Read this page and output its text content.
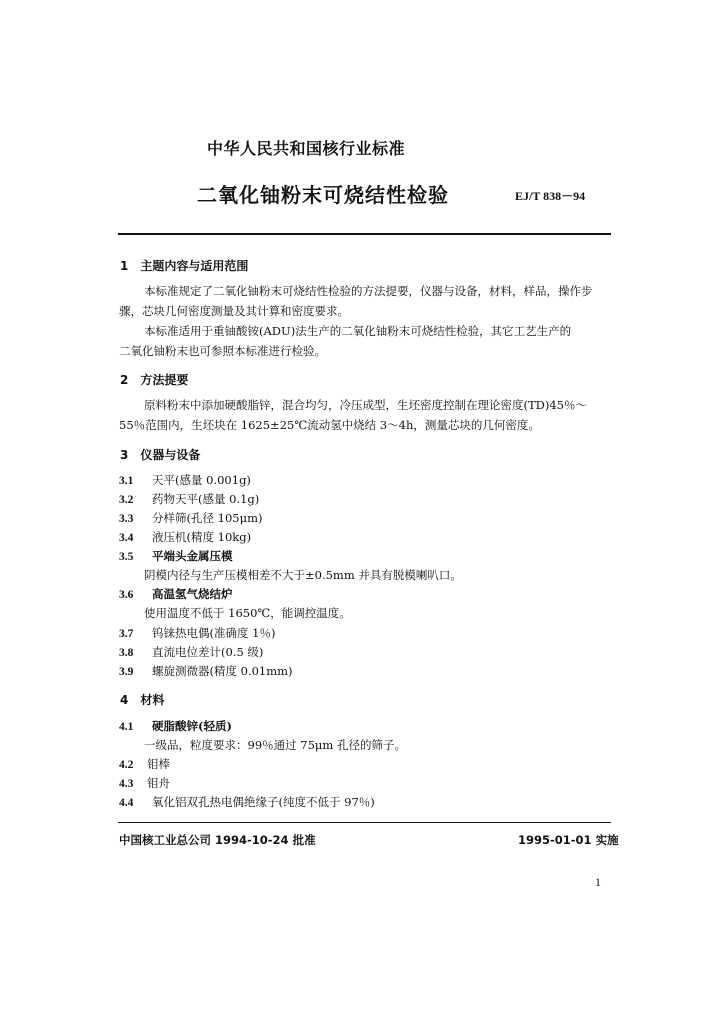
中华人民共和国核行业标准
二氧化铀粉末可烧结性检验	EJ/T 838－94
1　主题内容与适用范围
本标准规定了二氧化铀粉末可烧结性检验的方法提要，仪器与设备，材料，样品，操作步
骤，芯块几何密度测量及其计算和密度要求。
本标准适用于重铀酸铵(ADU)法生产的二氧化铀粉末可烧结性检验，其它工艺生产的
二氧化铀粉末也可参照本标准进行检验。
2　方法提要
原料粉末中添加硬酸脂锌，混合均匀，冷压成型，生坯密度控制在理论密度(TD)45％～
55％范围内，生坯块在 1625±25℃流动氢中烧结 3～4h，测量芯块的几何密度。
3　仪器与设备
3.1 天平(感量 0.001g)
3.2 药物天平(感量 0.1g)
3.3 分样筛(孔径 105μm)
3.4 液压机(精度 10kg)
3.5 平端头金属压模
阴模内径与生产压模相差不大于±0.5mm 并具有脱模喇叭口。
3.6 高温氢气烧结炉
使用温度不低于 1650℃，能调控温度。
3.7 钨铼热电偶(准确度 1％)
3.8 直流电位差计(0.5 级)
3.9 螺旋测微器(精度 0.01mm)
4　材料
4.1 硬脂酸锌(轻质)
一级品，粒度要求：99％通过 75μm 孔径的筛子。
4.2 钼棒
4.3 钼舟
4.4 氧化铝双孔热电偶绝缘子(纯度不低于 97％)
中国核工业总公司 1994-10-24 批准	1995-01-01 实施
1
